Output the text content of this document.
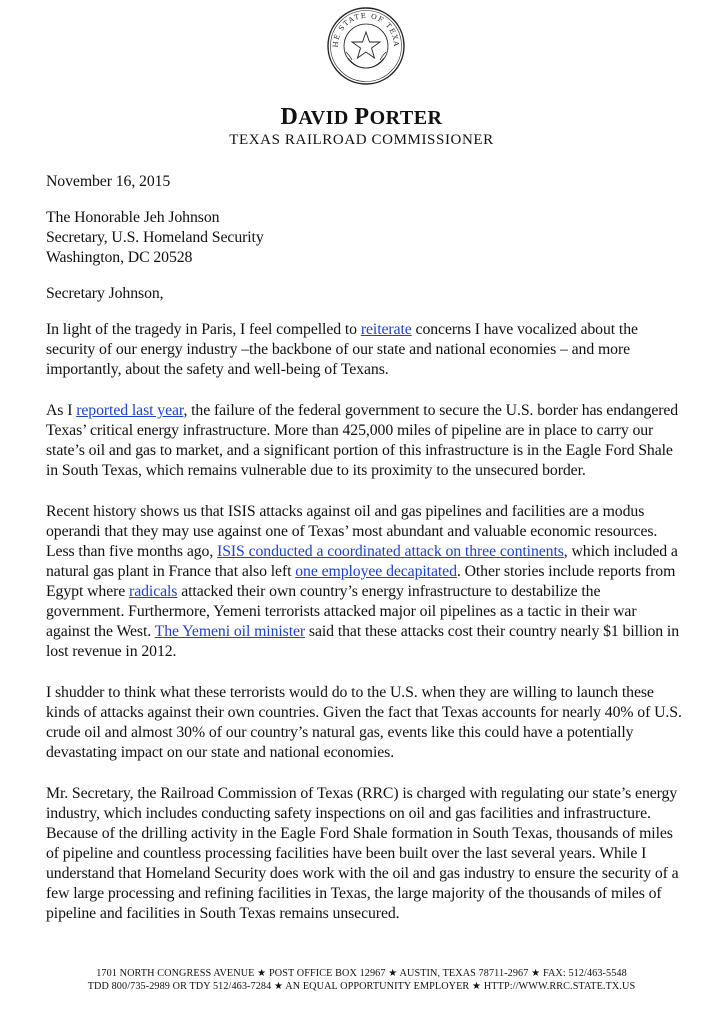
HE STATE OF TEXA
DAVID PORTER
TEXAS RAILROAD COMMISSIONER

November 16, 2015

The Honorable Jeh Johnson
Secretary, U.S. Homeland Security
Washington, DC 20528

Secretary Johnson,

In light of the tragedy in Paris, I feel compelled to reiterate concerns I have vocalized about the security of our energy industry –the backbone of our state and national economies – and more importantly, about the safety and well-being of Texans.

As I reported last year, the failure of the federal government to secure the U.S. border has endangered Texas’ critical energy infrastructure. More than 425,000 miles of pipeline are in place to carry our state’s oil and gas to market, and a significant portion of this infrastructure is in the Eagle Ford Shale in South Texas, which remains vulnerable due to its proximity to the unsecured border.

Recent history shows us that ISIS attacks against oil and gas pipelines and facilities are a modus operandi that they may use against one of Texas’ most abundant and valuable economic resources. Less than five months ago, ISIS conducted a coordinated attack on three continents, which included a natural gas plant in France that also left one employee decapitated. Other stories include reports from Egypt where radicals attacked their own country’s energy infrastructure to destabilize the government. Furthermore, Yemeni terrorists attacked major oil pipelines as a tactic in their war against the West. The Yemeni oil minister said that these attacks cost their country nearly $1 billion in lost revenue in 2012.

I shudder to think what these terrorists would do to the U.S. when they are willing to launch these kinds of attacks against their own countries. Given the fact that Texas accounts for nearly 40% of U.S. crude oil and almost 30% of our country’s natural gas, events like this could have a potentially devastating impact on our state and national economies.

Mr. Secretary, the Railroad Commission of Texas (RRC) is charged with regulating our state’s energy industry, which includes conducting safety inspections on oil and gas facilities and infrastructure. Because of the drilling activity in the Eagle Ford Shale formation in South Texas, thousands of miles of pipeline and countless processing facilities have been built over the last several years. While I understand that Homeland Security does work with the oil and gas industry to ensure the security of a few large processing and refining facilities in Texas, the large majority of the thousands of miles of pipeline and facilities in South Texas remains unsecured.

1701 NORTH CONGRESS AVENUE ★ POST OFFICE BOX 12967 ★ AUSTIN, TEXAS 78711-2967 ★ FAX: 512/463-5548
TDD 800/735-2989 OR TDY 512/463-7284 ★ AN EQUAL OPPORTUNITY EMPLOYER ★ HTTP://WWW.RRC.STATE.TX.US
